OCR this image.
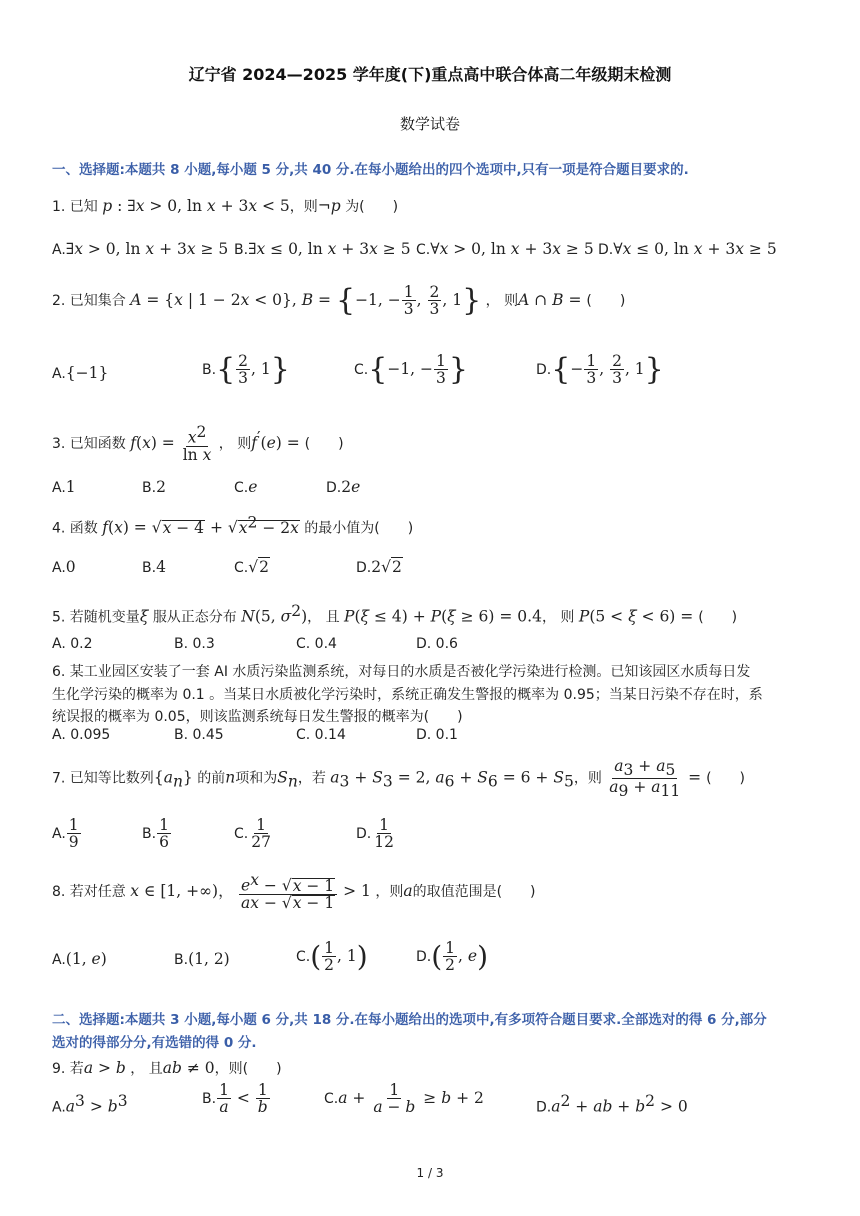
辽宁省 2024—2025 学年度(下)重点高中联合体高二年级期末检测
数学试卷
一、选择题:本题共 8 小题,每小题 5 分,共 40 分.在每小题给出的四个选项中,只有一项是符合题目要求的.
1. 已知 p : ∃x > 0, ln x + 3x < 5，则¬p 为(　　)
A.∃x > 0, ln x + 3x ≥ 5 B.∃x ≤ 0, ln x + 3x ≥ 5 C.∀x > 0, ln x + 3x ≥ 5 D.∀x ≤ 0, ln x + 3x ≥ 5
2. 已知集合 A = {x | 1 − 2x < 0}, B = {−1, − $\frac{1}{3}$ , $\frac{2}{3}$ , 1} ， 则A ∩ B = (　　)
A.{−1}	$B.\{ \frac{2}{3}$ , 1}	C.{−1, − $\frac{1}{3}$ }	$D.\{- \frac{1}{3}$ , $\frac{2}{3}$ , 1}
3. 已知函数 $f(x) = \frac{x^2}{\text{ln x}}$ ， 则f′(e) = (　　)
A.1	B.2	C.e	D.2e
4. 函数 $f(x) = √x - 4 + √x^2 - 2x$ 的最小值为(　　)
A.0	B.4	C.√2	D.2√2
5. 若随机变量ξ 服从正态分布 N(5, $\sigma^2$)， 且 P(ξ ≤ 4) + P(ξ ≥ 6) = 0.4， 则 P(5 < ξ < 6) = (　　)
A. 0.2	B. 0.3	C. 0.4	D. 0.6
6. 某工业园区安装了一套 AI 水质污染监测系统，对每日的水质是否被化学污染进行检测。已知该园区水质每日发
生化学污染的概率为 0.1 。当某日水质被化学污染时，系统正确发生警报的概率为 0.95；当某日污染不存在时，系
统误报的概率为 0.05，则该监测系统每日发生警报的概率为(　　)
A. 0.095	B. 0.45	C. 0.14	D. 0.1
7. 已知等比数列$\{a_n\}$ 的前n项和为$S_n$，若 $a_3 + S_3 = 2$, $a_6 + S_6 = 6 + S_5$，则 $\frac{a_3 + a_5}{a_9 + a_{11}}$ = (　　)
A. $\frac{1}{9}$	B. $\frac{1}{6}$	C. $\frac{1}{27}$	D. $\frac{1}{12}$
8. 若对任意 x ∈ [1, +∞)， $\frac{e^x - √x - 1}{ax - √x - 1} > 1$ ，则a的取值范围是(　　)
A.(1, e)	B.(1, 2)	$C.( \frac{1}{2}$ , 1)	$D.( \frac{1}{2}$ , e)
二、选择题:本题共 3 小题,每小题 6 分,共 18 分.在每小题给出的选项中,有多项符合题目要求.全部选对的得 6 分,部分
选对的得部分分,有选错的得 0 分.
9. 若a > b ， 且ab ≠ 0，则(　　)
$A.a^3 > b^3$	B. $\frac{1}{a} < \frac{1}{b}$	$C.a + \frac{1}{a - b} \ge b + 2$
$D.a^2$ + ab + $b^2 > 0$
1 / 3
